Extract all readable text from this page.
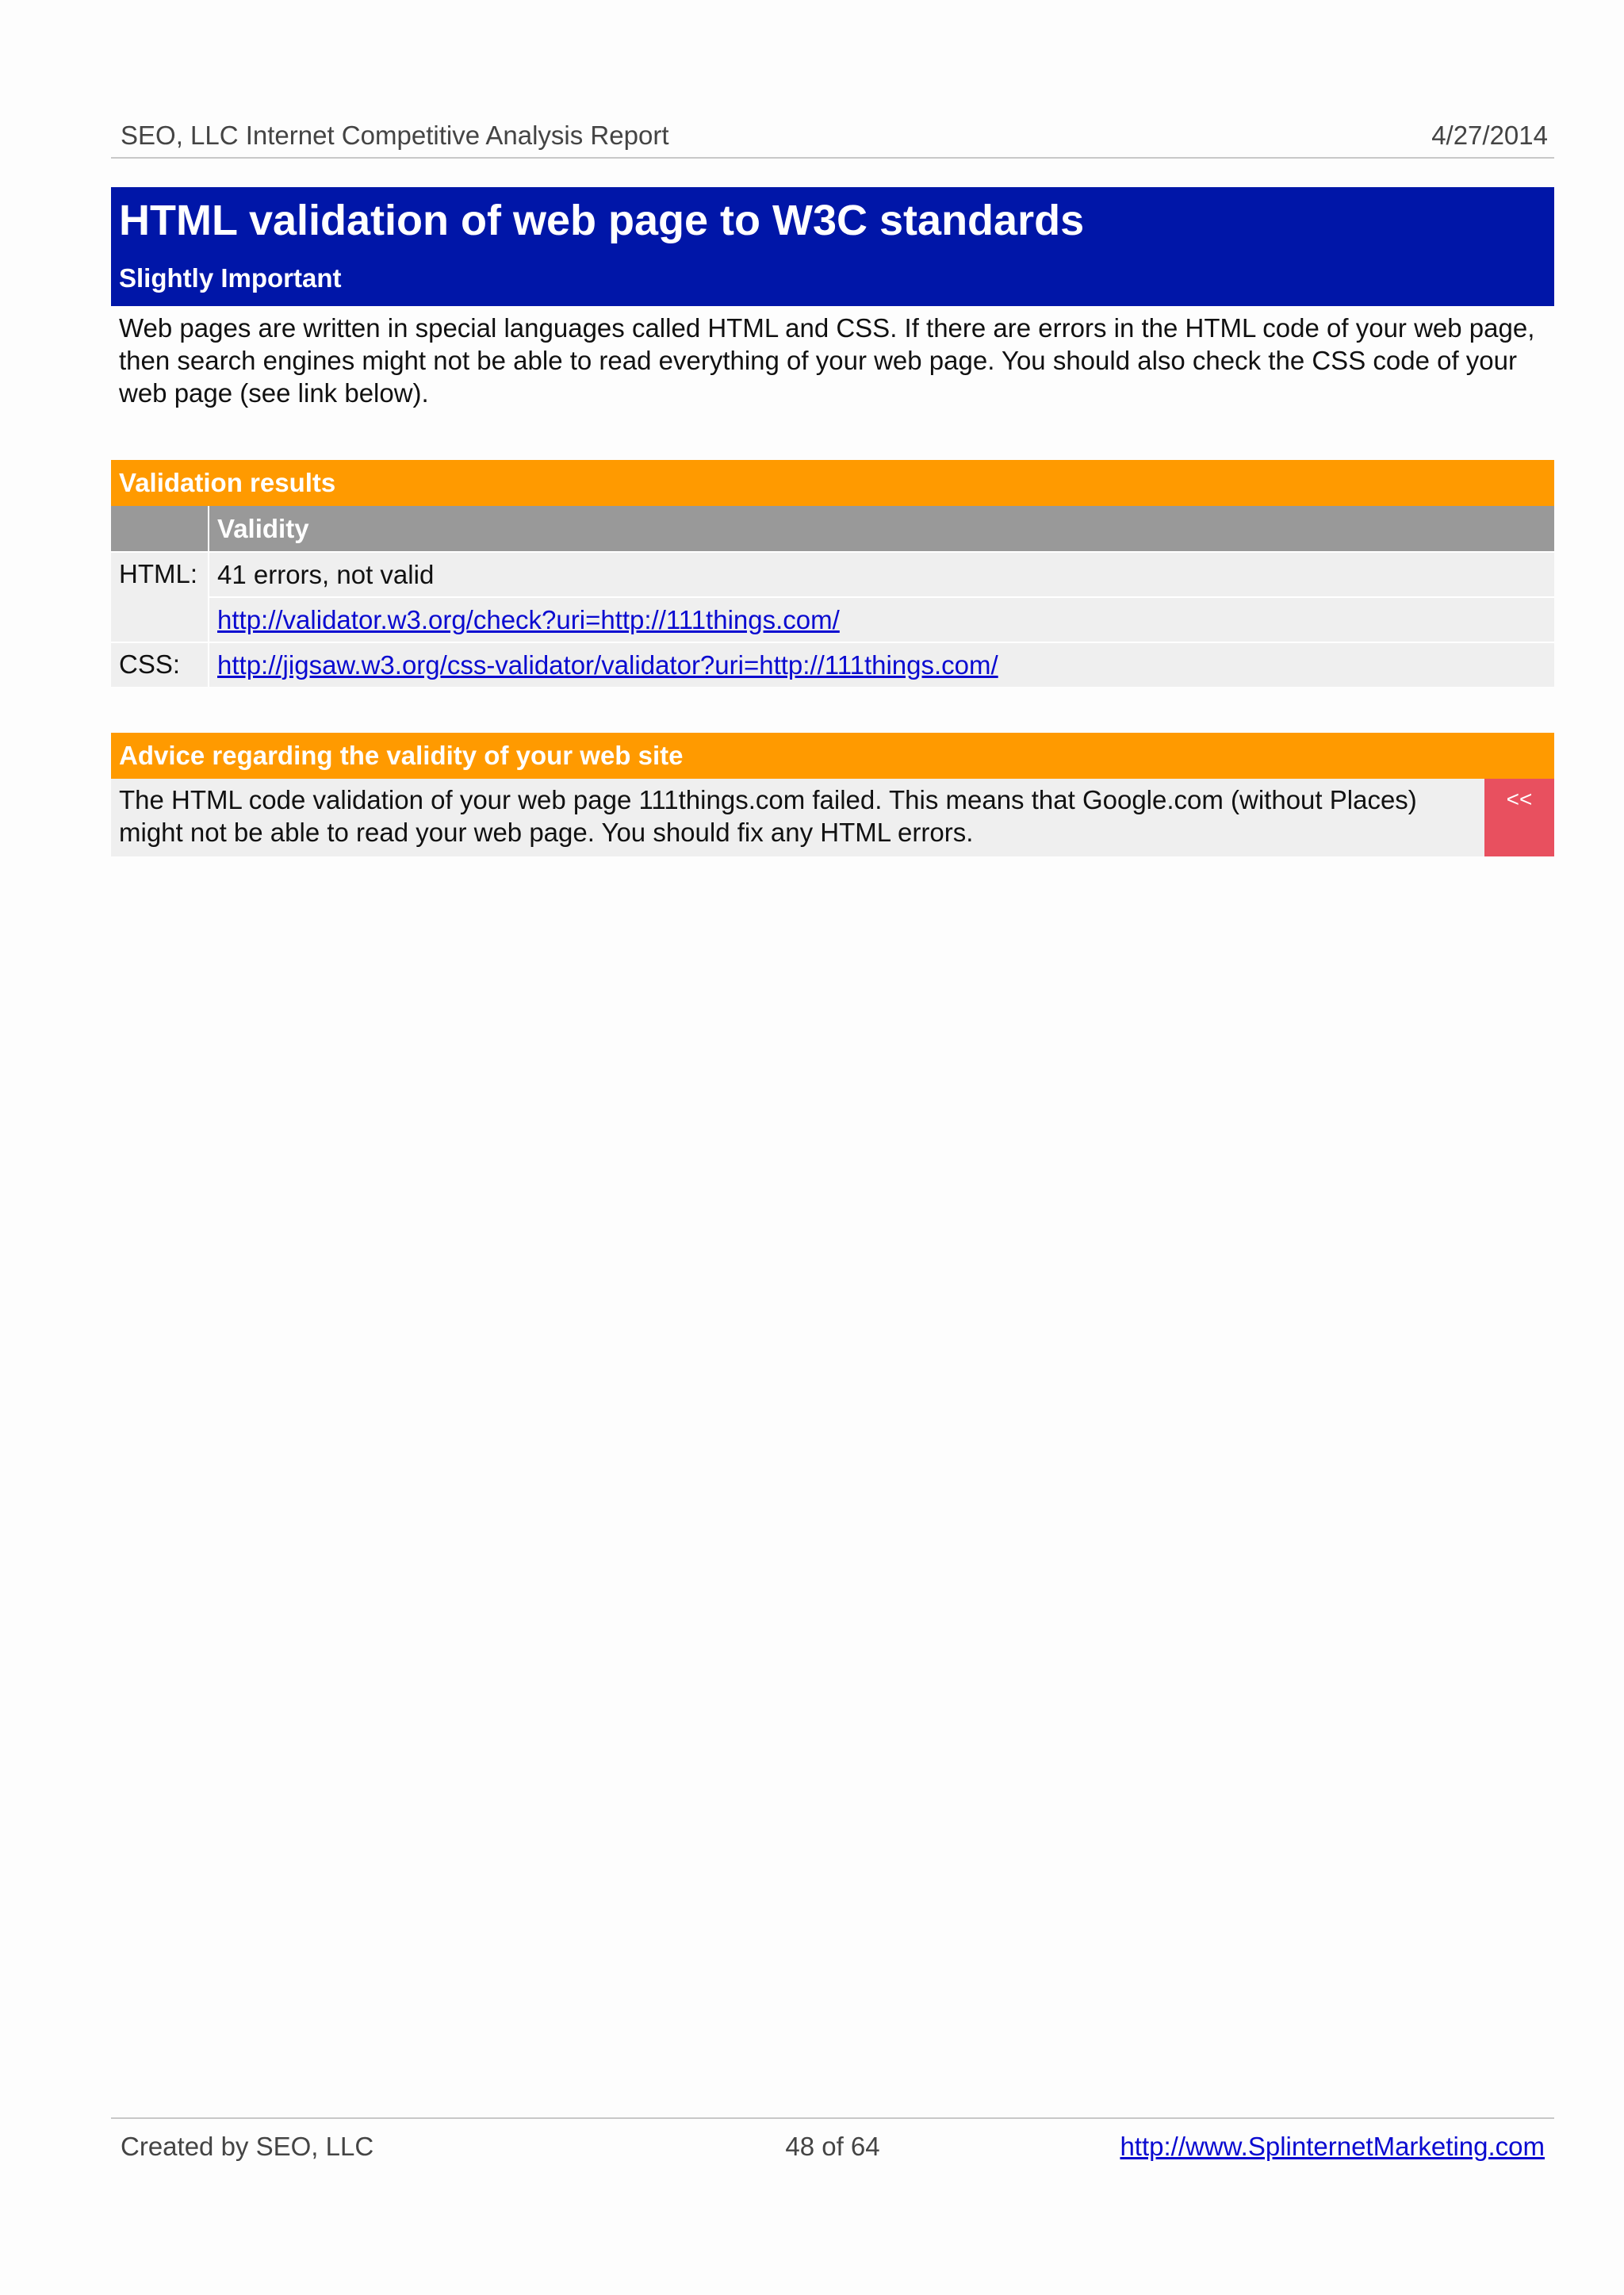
SEO, LLC Internet Competitive Analysis Report	4/27/2014
HTML validation of web page to W3C standards
Slightly Important
Web pages are written in special languages called HTML and CSS. If there are errors in the HTML code of your web page, then search engines might not be able to read everything of your web page. You should also check the CSS code of your web page (see link below).
Validation results
	Validity
HTML:	41 errors, not valid
	http://validator.w3.org/check?uri=http://111things.com/
CSS:	http://jigsaw.w3.org/css-validator/validator?uri=http://111things.com/
Advice regarding the validity of your web site
The HTML code validation of your web page 111things.com failed. This means that Google.com (without Places) might not be able to read your web page. You should fix any HTML errors.
<<
Created by SEO, LLC	48 of 64	http://www.SplinternetMarketing.com
